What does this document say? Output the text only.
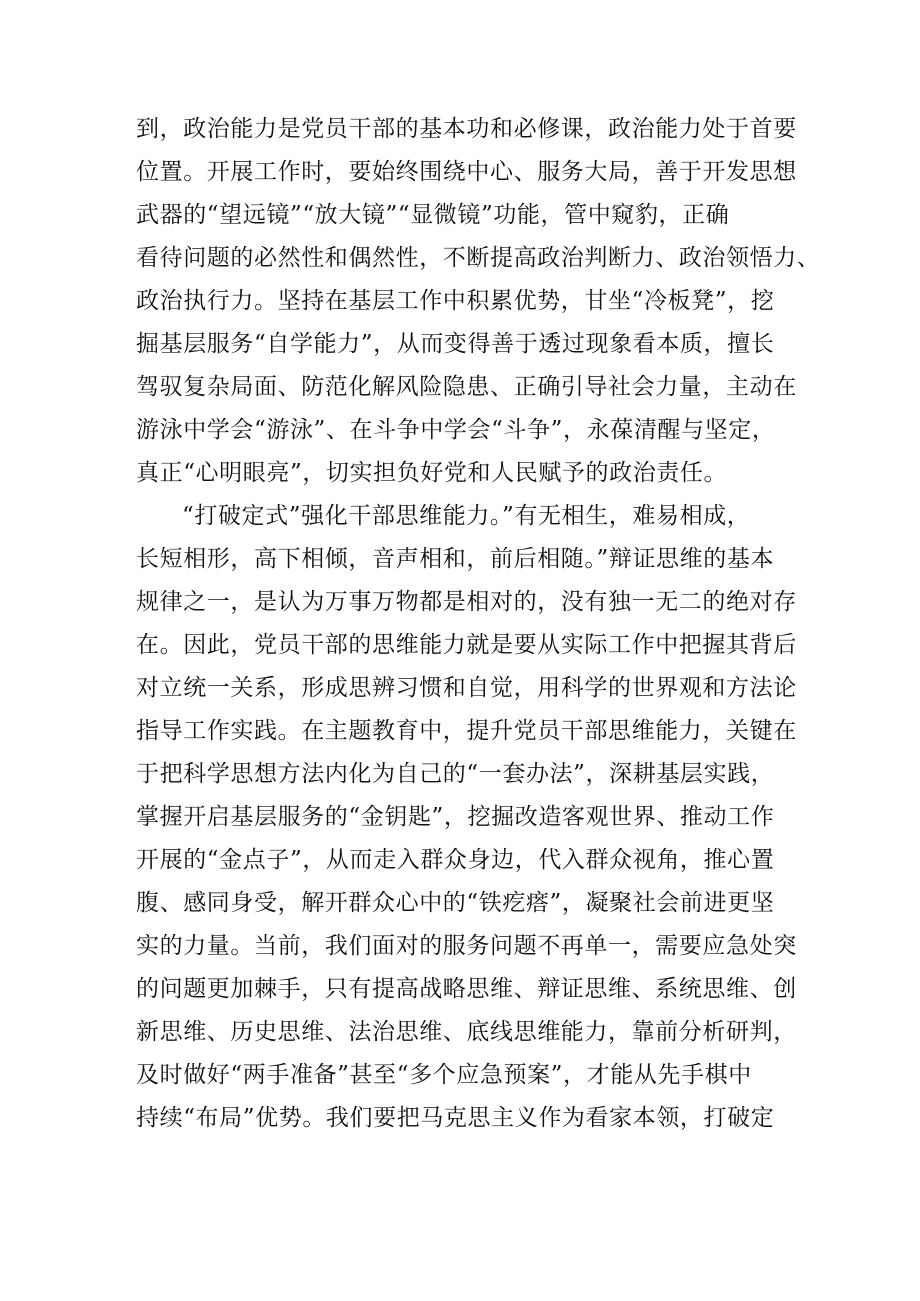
到，政治能力是党员干部的基本功和必修课，政治能力处于首要
位置。开展工作时，要始终围绕中心、服务大局，善于开发思想
武器的“望远镜”“放大镜”“显微镜”功能，管中窥豹，正确
看待问题的必然性和偶然性，不断提高政治判断力、政治领悟力、
政治执行力。坚持在基层工作中积累优势，甘坐“冷板凳”，挖
掘基层服务“自学能力”，从而变得善于透过现象看本质，擅长
驾驭复杂局面、防范化解风险隐患、正确引导社会力量，主动在
游泳中学会“游泳”、在斗争中学会“斗争”，永葆清醒与坚定，
真正“心明眼亮”，切实担负好党和人民赋予的政治责任。
“打破定式”强化干部思维能力。”有无相生，难易相成，
长短相形，高下相倾，音声相和，前后相随。”辩证思维的基本
规律之一，是认为万事万物都是相对的，没有独一无二的绝对存
在。因此，党员干部的思维能力就是要从实际工作中把握其背后
对立统一关系，形成思辨习惯和自觉，用科学的世界观和方法论
指导工作实践。在主题教育中，提升党员干部思维能力，关键在
于把科学思想方法内化为自己的“一套办法”，深耕基层实践，
掌握开启基层服务的“金钥匙”，挖掘改造客观世界、推动工作
开展的“金点子”，从而走入群众身边，代入群众视角，推心置
腹、感同身受，解开群众心中的“铁疙瘩”，凝聚社会前进更坚
实的力量。当前，我们面对的服务问题不再单一，需要应急处突
的问题更加棘手，只有提高战略思维、辩证思维、系统思维、创
新思维、历史思维、法治思维、底线思维能力，靠前分析研判，
及时做好“两手准备”甚至“多个应急预案”，才能从先手棋中
持续“布局”优势。我们要把马克思主义作为看家本领，打破定
